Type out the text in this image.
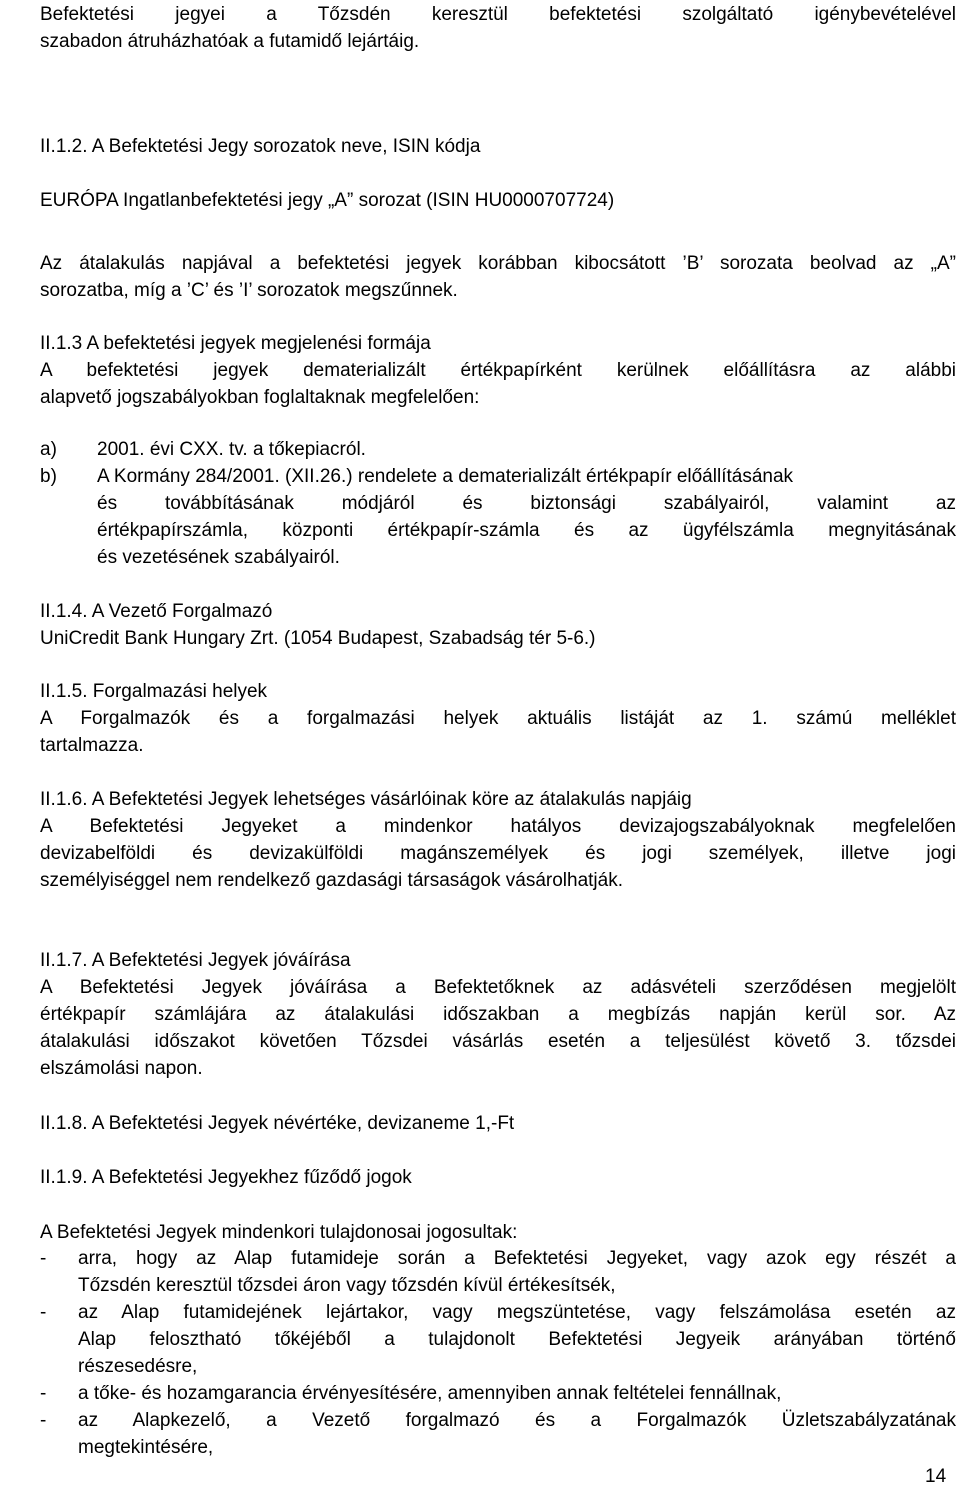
Befektetési jegyei a Tőzsdén keresztül befektetési szolgáltató igénybevételével
szabadon átruházhatóak a futamidő lejártáig.
II.1.2. A Befektetési Jegy sorozatok neve, ISIN kódja
EURÓPA Ingatlanbefektetési jegy „A” sorozat (ISIN HU0000707724)
Az átalakulás napjával a befektetési jegyek korábban kibocsátott ’B’ sorozata beolvad az „A”
sorozatba, míg a ’C’ és ’I’ sorozatok megszűnnek.
II.1.3 A befektetési jegyek megjelenési formája
A befektetési jegyek dematerializált értékpapírként kerülnek előállításra az alábbi
alapvető jogszabályokban foglaltaknak megfelelően:
a) 2001. évi CXX. tv. a tőkepiacról.
b) A Kormány 284/2001. (XII.26.) rendelete a dematerializált értékpapír előállításának
és továbbításának módjáról és biztonsági szabályairól, valamint az
értékpapírszámla, központi értékpapír-számla és az ügyfélszámla megnyitásának
és vezetésének szabályairól.
II.1.4. A Vezető Forgalmazó
UniCredit Bank Hungary Zrt. (1054 Budapest, Szabadság tér 5-6.)
II.1.5. Forgalmazási helyek
A Forgalmazók és a forgalmazási helyek aktuális listáját az 1. számú melléklet
tartalmazza.
II.1.6. A Befektetési Jegyek lehetséges vásárlóinak köre az átalakulás napjáig
A Befektetési Jegyeket a mindenkor hatályos devizajogszabályoknak megfelelően
devizabelföldi és devizakülföldi magánszemélyek és jogi személyek, illetve jogi
személyiséggel nem rendelkező gazdasági társaságok vásárolhatják.
II.1.7. A Befektetési Jegyek jóváírása
A Befektetési Jegyek jóváírása a Befektetőknek az adásvételi szerződésen megjelölt
értékpapír számlájára az átalakulási időszakban a megbízás napján kerül sor. Az
átalakulási időszakot követően Tőzsdei vásárlás esetén a teljesülést követő 3. tőzsdei
elszámolási napon.
II.1.8. A Befektetési Jegyek névértéke, devizaneme 1,-Ft
II.1.9. A Befektetési Jegyekhez fűződő jogok
A Befektetési Jegyek mindenkori tulajdonosai jogosultak:
- arra, hogy az Alap futamideje során a Befektetési Jegyeket, vagy azok egy részét a
Tőzsdén keresztül tőzsdei áron vagy tőzsdén kívül értékesítsék,
- az Alap futamidejének lejártakor, vagy megszüntetése, vagy felszámolása esetén az
Alap felosztható tőkéjéből a tulajdonolt Befektetési Jegyeik arányában történő
részesedésre,
- a tőke- és hozamgarancia érvényesítésére, amennyiben annak feltételei fennállnak,
- az Alapkezelő, a Vezető forgalmazó és a Forgalmazók Üzletszabályzatának
megtekintésére,
14
